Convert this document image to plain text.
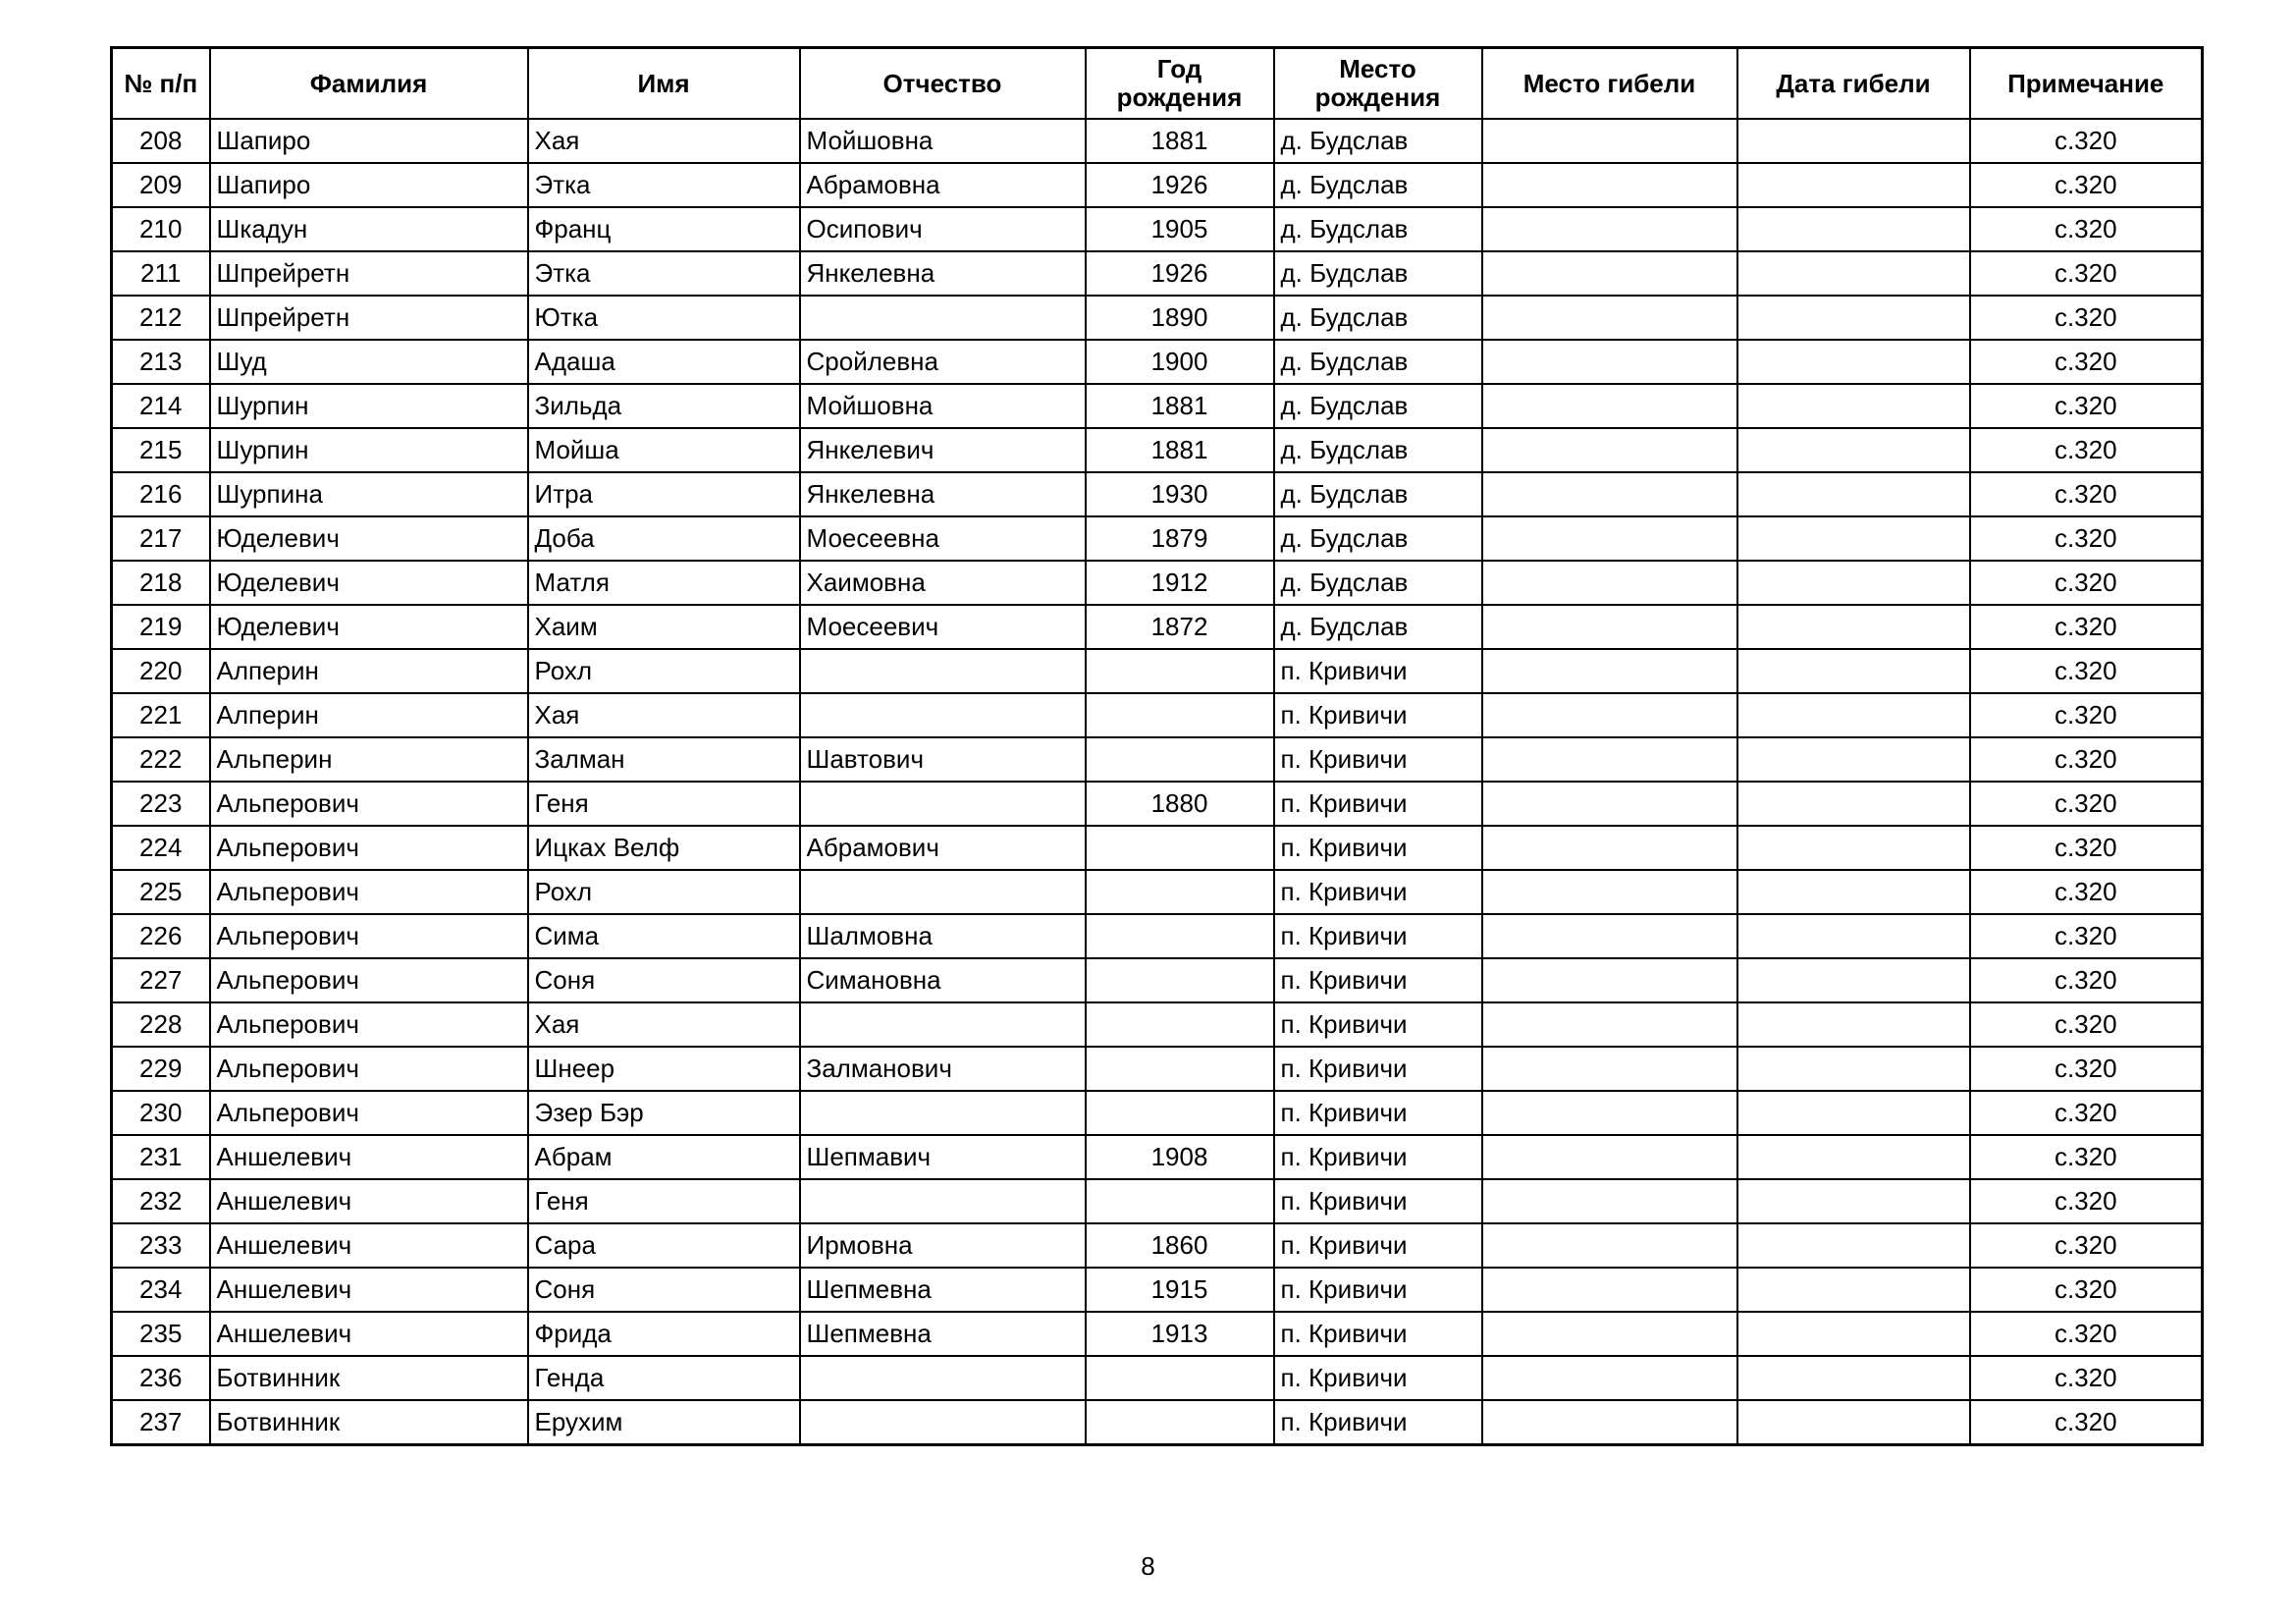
№ п/п	Фамилия	Имя	Отчество	Год рождения	Место рождения	Место гибели	Дата гибели	Примечание
208	Шапиро	Хая	Мойшовна	1881	д. Будслав			с.320
209	Шапиро	Этка	Абрамовна	1926	д. Будслав			с.320
210	Шкадун	Франц	Осипович	1905	д. Будслав			с.320
211	Шпрейретн	Этка	Янкелевна	1926	д. Будслав			с.320
212	Шпрейретн	Ютка		1890	д. Будслав			с.320
213	Шуд	Адаша	Сройлевна	1900	д. Будслав			с.320
214	Шурпин	Зильда	Мойшовна	1881	д. Будслав			с.320
215	Шурпин	Мойша	Янкелевич	1881	д. Будслав			с.320
216	Шурпина	Итра	Янкелевна	1930	д. Будслав			с.320
217	Юделевич	Доба	Моесеевна	1879	д. Будслав			с.320
218	Юделевич	Матля	Хаимовна	1912	д. Будслав			с.320
219	Юделевич	Хаим	Моесеевич	1872	д. Будслав			с.320
220	Алперин	Рохл			п. Кривичи			с.320
221	Алперин	Хая			п. Кривичи			с.320
222	Альперин	Залман	Шавтович		п. Кривичи			с.320
223	Альперович	Геня		1880	п. Кривичи			с.320
224	Альперович	Ицках Велф	Абрамович		п. Кривичи			с.320
225	Альперович	Рохл			п. Кривичи			с.320
226	Альперович	Сима	Шалмовна		п. Кривичи			с.320
227	Альперович	Соня	Симановна		п. Кривичи			с.320
228	Альперович	Хая			п. Кривичи			с.320
229	Альперович	Шнеер	Залманович		п. Кривичи			с.320
230	Альперович	Эзер Бэр			п. Кривичи			с.320
231	Аншелевич	Абрам	Шепмавич	1908	п. Кривичи			с.320
232	Аншелевич	Геня			п. Кривичи			с.320
233	Аншелевич	Сара	Ирмовна	1860	п. Кривичи			с.320
234	Аншелевич	Соня	Шепмевна	1915	п. Кривичи			с.320
235	Аншелевич	Фрида	Шепмевна	1913	п. Кривичи			с.320
236	Ботвинник	Генда			п. Кривичи			с.320
237	Ботвинник	Ерухим			п. Кривичи			с.320
8
